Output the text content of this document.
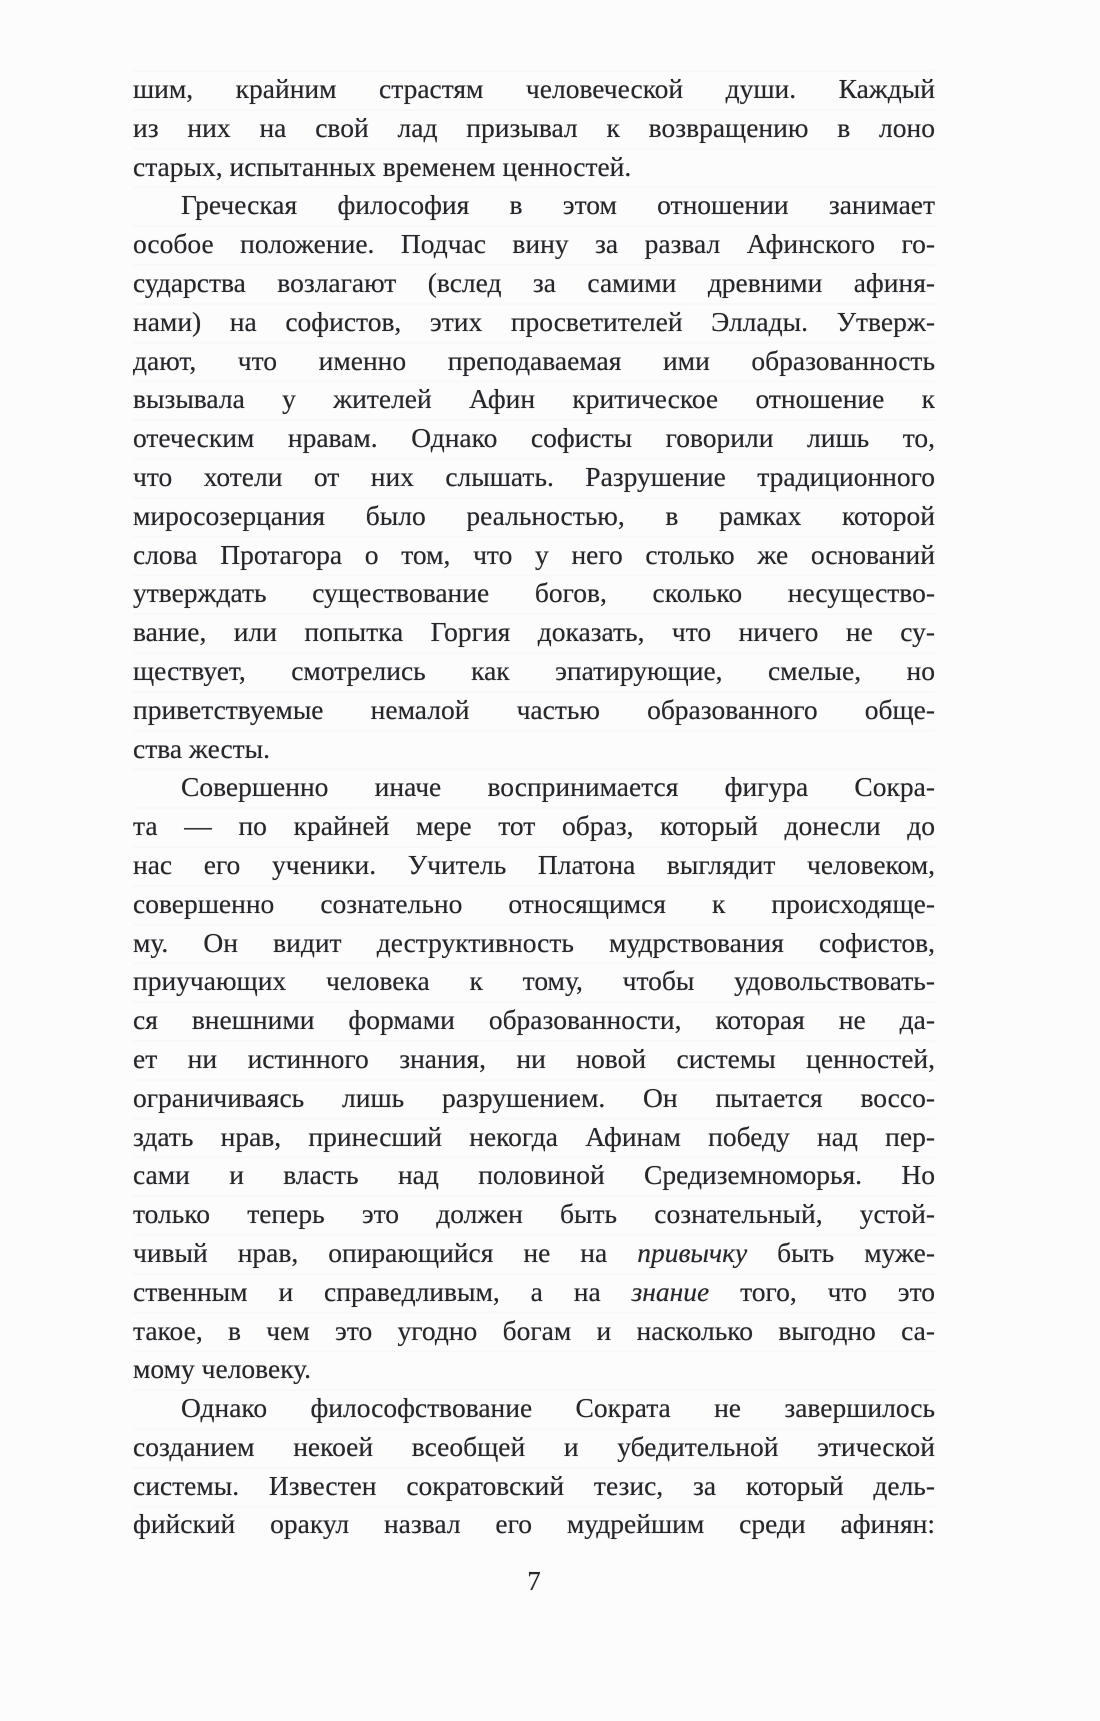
шим, крайним страстям человеческой души. Каждый
из них на свой лад призывал к возвращению в лоно
старых, испытанных временем ценностей.
Греческая философия в этом отношении занимает
особое положение. Подчас вину за развал Афинского го-
сударства возлагают (вслед за самими древними афиня-
нами) на софистов, этих просветителей Эллады. Утверж-
дают, что именно преподаваемая ими образованность
вызывала у жителей Афин критическое отношение к
отеческим нравам. Однако софисты говорили лишь то,
что хотели от них слышать. Разрушение традиционного
миросозерцания было реальностью, в рамках которой
слова Протагора о том, что у него столько же оснований
утверждать существование богов, сколько несущество-
вание, или попытка Горгия доказать, что ничего не су-
ществует, смотрелись как эпатирующие, смелые, но
приветствуемые немалой частью образованного обще-
ства жесты.
Совершенно иначе воспринимается фигура Сокра-
та — по крайней мере тот образ, который донесли до
нас его ученики. Учитель Платона выглядит человеком,
совершенно сознательно относящимся к происходяще-
му. Он видит деструктивность мудрствования софистов,
приучающих человека к тому, чтобы удовольствовать-
ся внешними формами образованности, которая не да-
ет ни истинного знания, ни новой системы ценностей,
ограничиваясь лишь разрушением. Он пытается воссо-
здать нрав, принесший некогда Афинам победу над пер-
сами и власть над половиной Средиземноморья. Но
только теперь это должен быть сознательный, устой-
чивый нрав, опирающийся не на привычку быть муже-
ственным и справедливым, а на знание того, что это
такое, в чем это угодно богам и насколько выгодно са-
мому человеку.
Однако философствование Сократа не завершилось
созданием некоей всеобщей и убедительной этической
системы. Известен сократовский тезис, за который дель-
фийский оракул назвал его мудрейшим среди афинян:
7
